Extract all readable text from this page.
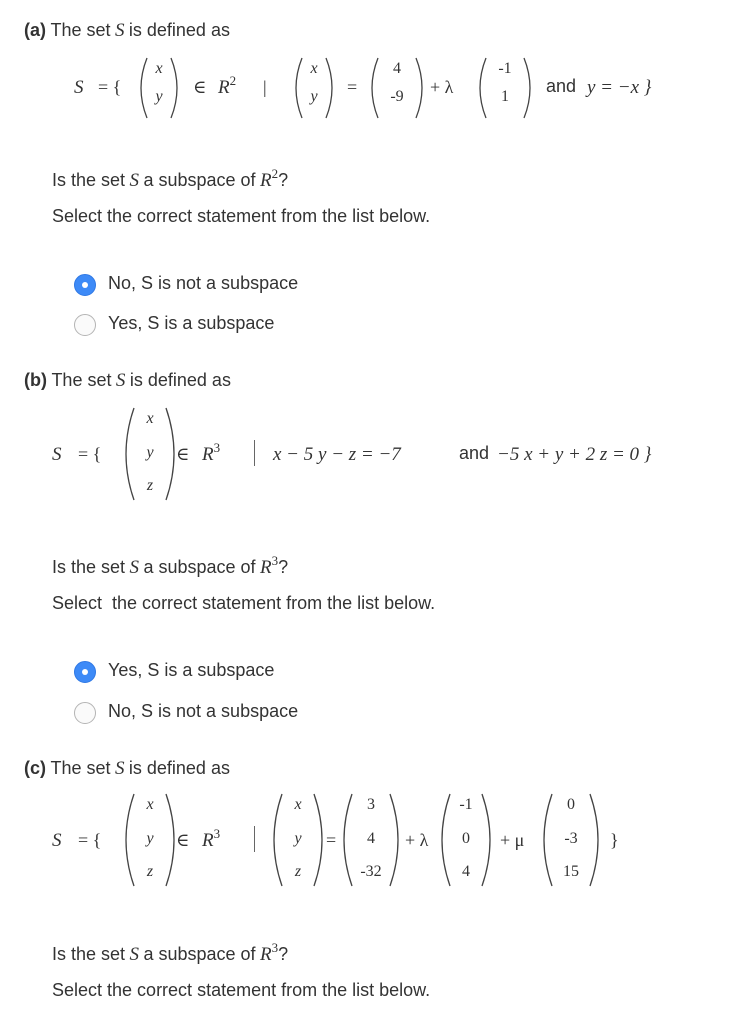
(a) The set S is defined as
S = {
x
y	∈ $R^2$ |
x
y	=
4
-9	+ λ
-1
1
and y = −x }
Is the set S a subspace of $R^2$?
Select the correct statement from the list below.
No, S is not a subspace
Yes, S is a subspace
(b) The set S is defined as
S = {
x
y
z
∈ $R^3$	x − 5 y − z = −7	and −5 x + y + 2 z = 0 }
Is the set S a subspace of $R^3$?
Select  the correct statement from the list below.
Yes, S is a subspace
No, S is not a subspace
(c) The set S is defined as
S = {
x
y
z
∈ $R^3$
x
y
z
=
3
4
-32
+ λ
-1
0
4
+ μ
0
-3
15
}
Is the set S a subspace of $R^3$?
Select the correct statement from the list below.
